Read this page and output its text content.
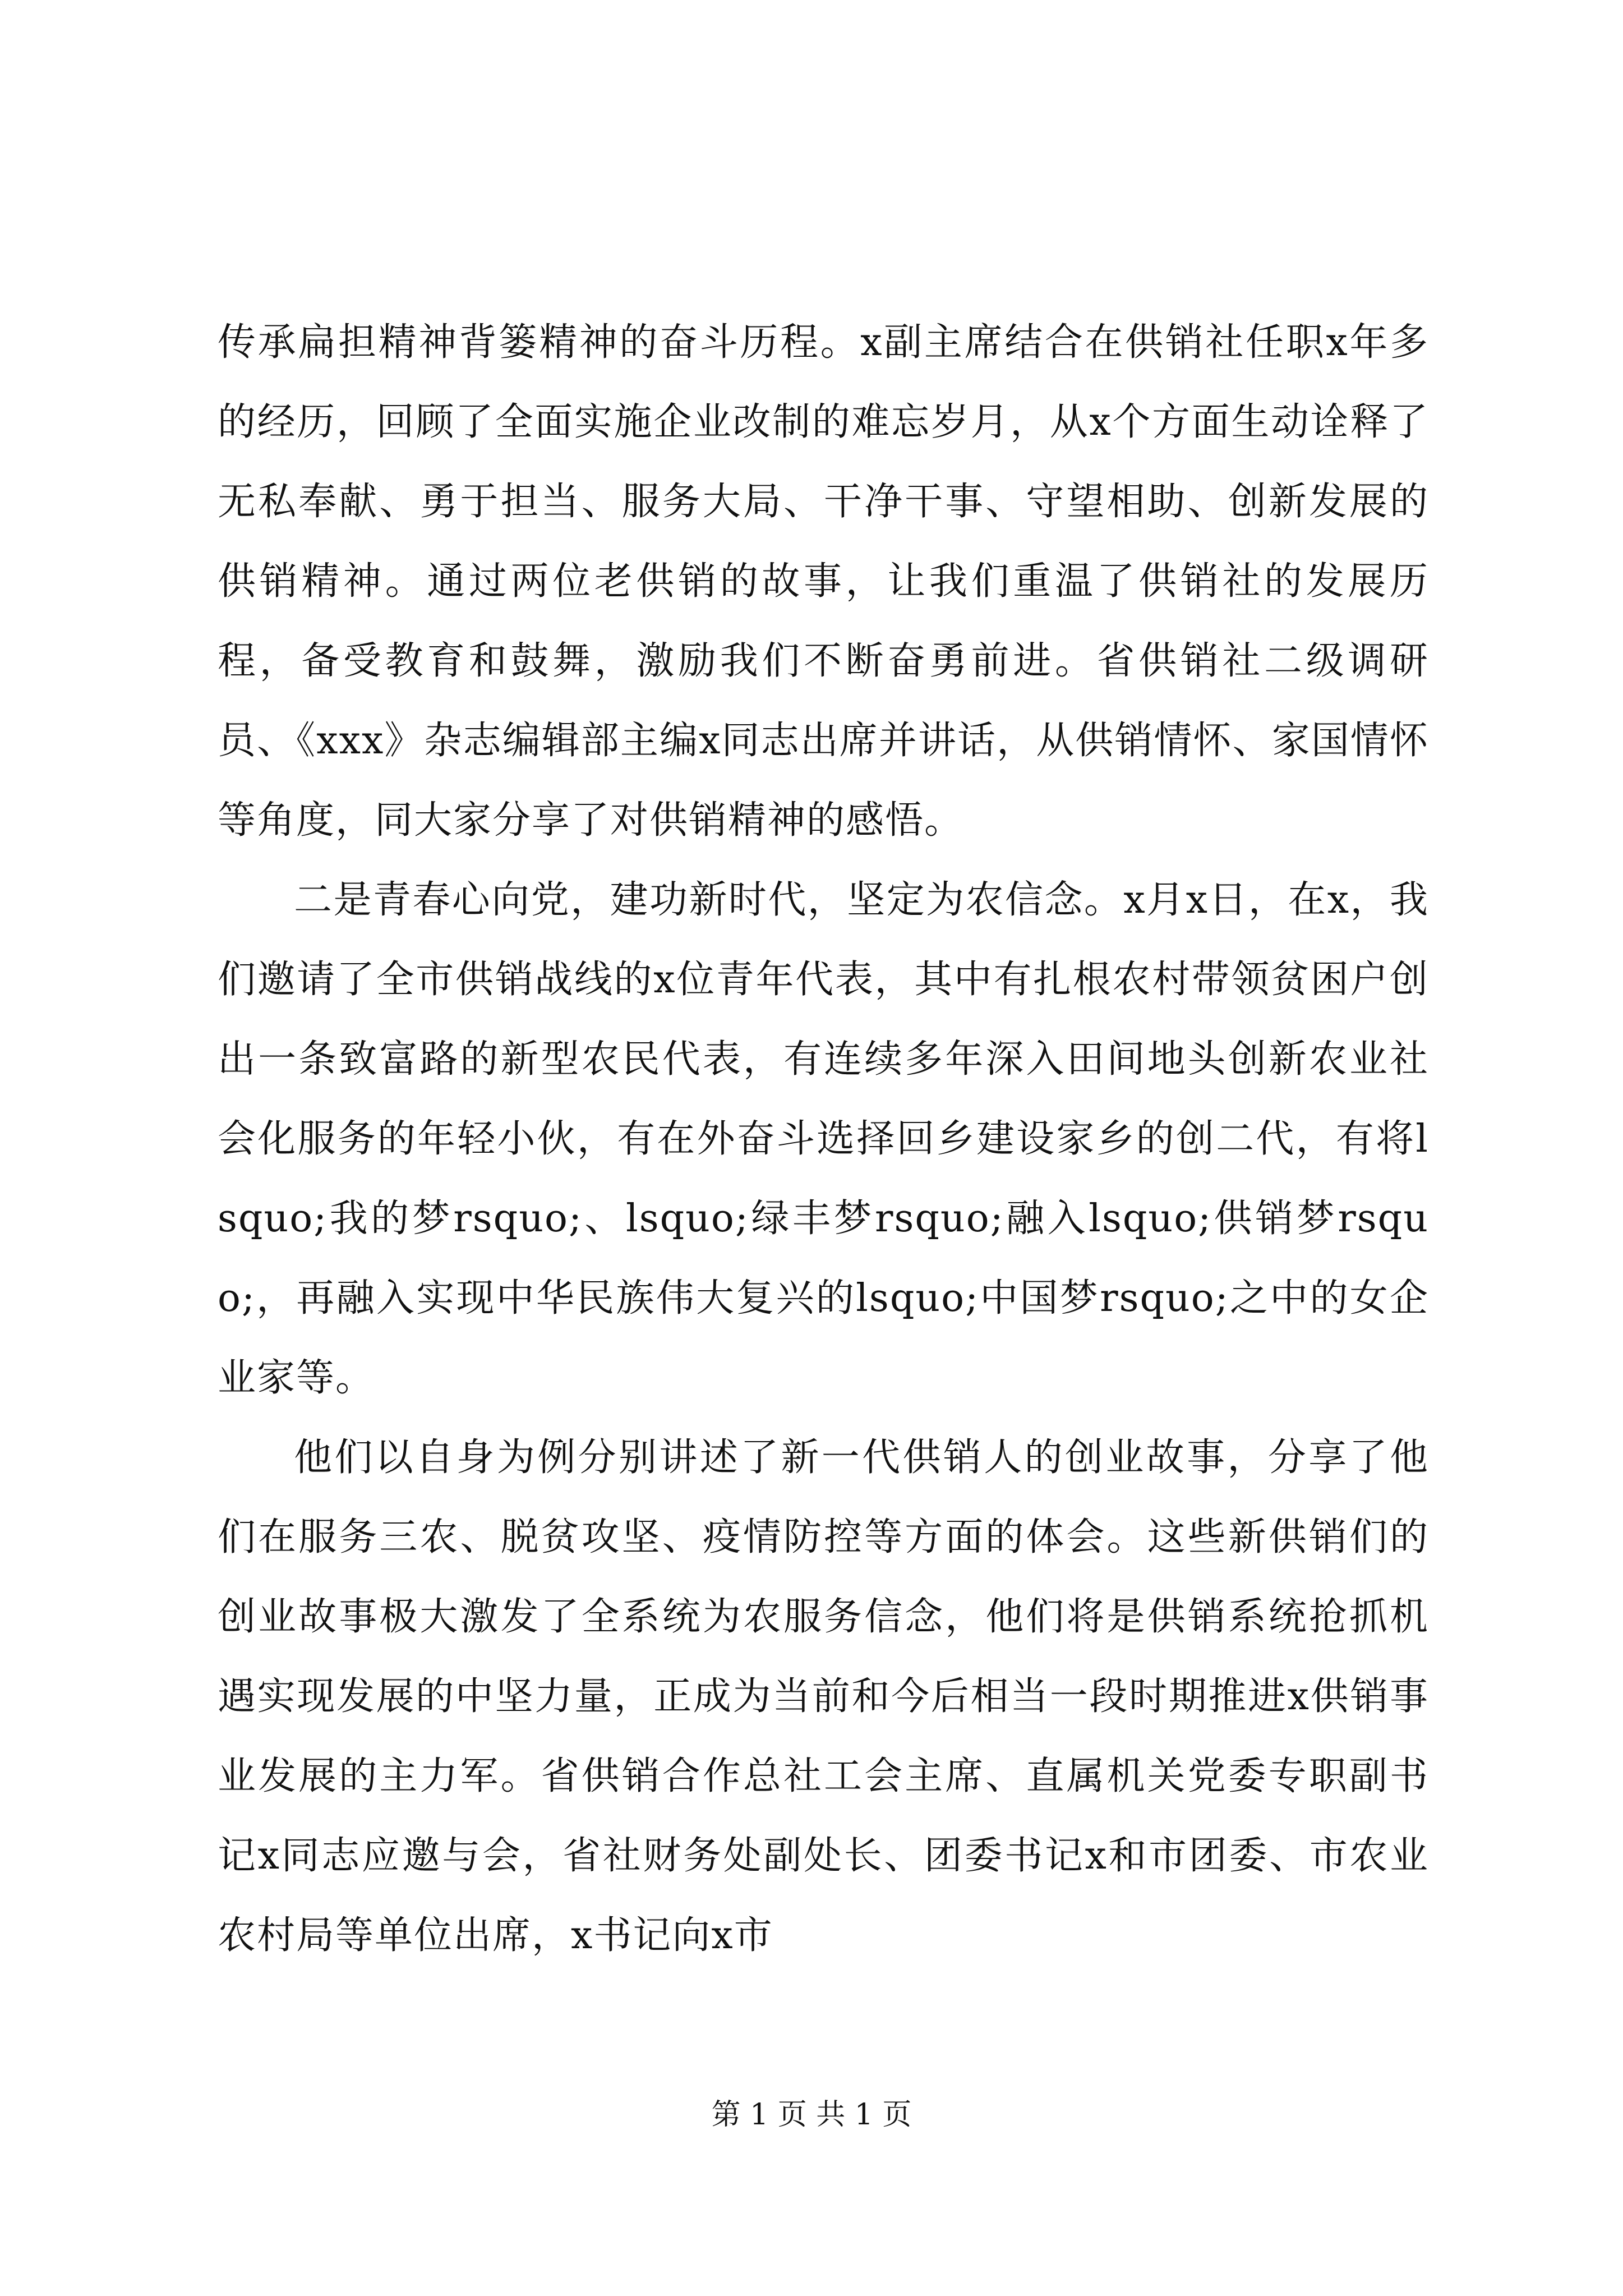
传承扁担精神背篓精神的奋斗历程。x副主席结合在供销社任职x年多的经历，回顾了全面实施企业改制的难忘岁月，从x个方面生动诠释了无私奉献、勇于担当、服务大局、干净干事、守望相助、创新发展的供销精神。通过两位老供销的故事，让我们重温了供销社的发展历程，备受教育和鼓舞，激励我们不断奋勇前进。省供销社二级调研员、《xxx》杂志编辑部主编x同志出席并讲话，从供销情怀、家国情怀等角度，同大家分享了对供销精神的感悟。

二是青春心向党，建功新时代，坚定为农信念。x月x日，在x，我们邀请了全市供销战线的x位青年代表，其中有扎根农村带领贫困户创出一条致富路的新型农民代表，有连续多年深入田间地头创新农业社会化服务的年轻小伙，有在外奋斗选择回乡建设家乡的创二代，有将lsquo;我的梦rsquo;、lsquo;绿丰梦rsquo;融入lsquo;供销梦rsquo;，再融入实现中华民族伟大复兴的lsquo;中国梦rsquo;之中的女企业家等。

他们以自身为例分别讲述了新一代供销人的创业故事，分享了他们在服务三农、脱贫攻坚、疫情防控等方面的体会。这些新供销们的创业故事极大激发了全系统为农服务信念，他们将是供销系统抢抓机遇实现发展的中坚力量，正成为当前和今后相当一段时期推进x供销事业发展的主力军。省供销合作总社工会主席、直属机关党委专职副书记x同志应邀与会，省社财务处副处长、团委书记x和市团委、市农业农村局等单位出席，x书记向x市

第 1 页 共 1 页
